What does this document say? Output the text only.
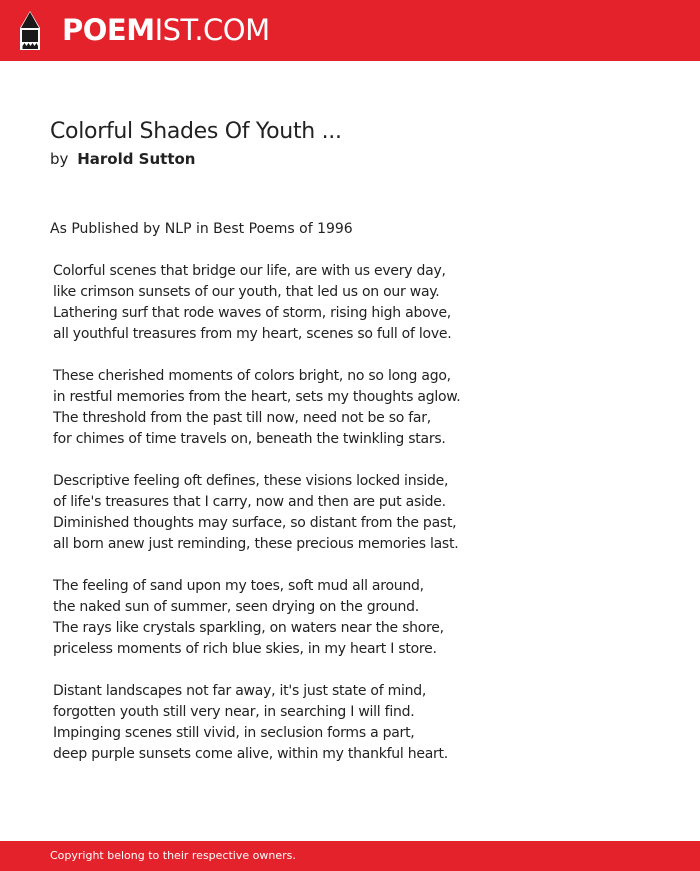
POEMIST.COM
Colorful Shades Of Youth ...
by Harold Sutton
As Published by NLP in Best Poems of 1996
Colorful scenes that bridge our life, are with us every day,
like crimson sunsets of our youth, that led us on our way.
Lathering surf that rode waves of storm, rising high above,
all youthful treasures from my heart, scenes so full of love.
These cherished moments of colors bright, no so long ago,
in restful memories from the heart, sets my thoughts aglow.
The threshold from the past till now, need not be so far,
for chimes of time travels on, beneath the twinkling stars.
Descriptive feeling oft defines, these visions locked inside,
of life's treasures that I carry, now and then are put aside.
Diminished thoughts may surface, so distant from the past,
all born anew just reminding, these precious memories last.
The feeling of sand upon my toes, soft mud all around,
the naked sun of summer, seen drying on the ground.
The rays like crystals sparkling, on waters near the shore,
priceless moments of rich blue skies, in my heart I store.
Distant landscapes not far away, it's just state of mind,
forgotten youth still very near, in searching I will find.
Impinging scenes still vivid, in seclusion forms a part,
deep purple sunsets come alive, within my thankful heart.
Copyright belong to their respective owners.
